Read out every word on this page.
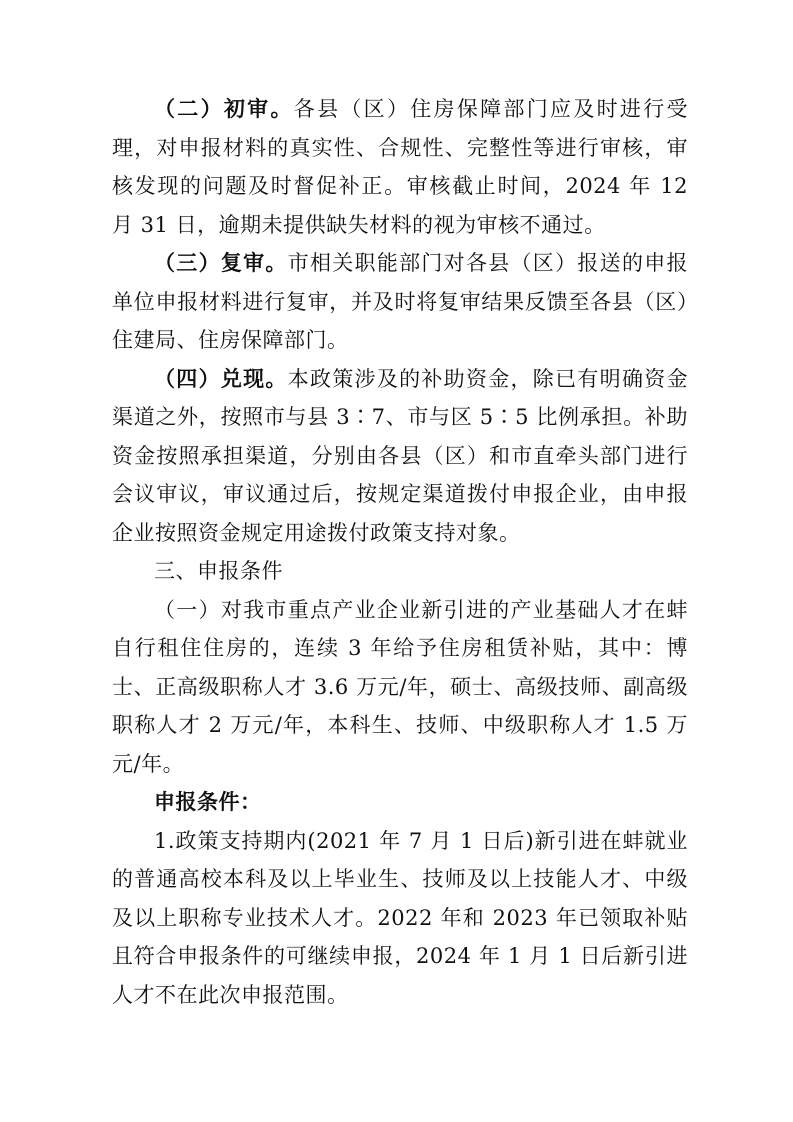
（二）初审。各县（区）住房保障部门应及时进行受理，对申报材料的真实性、合规性、完整性等进行审核，审核发现的问题及时督促补正。审核截止时间，2024 年 12 月 31 日，逾期未提供缺失材料的视为审核不通过。

（三）复审。市相关职能部门对各县（区）报送的申报单位申报材料进行复审，并及时将复审结果反馈至各县（区）住建局、住房保障部门。

（四）兑现。本政策涉及的补助资金，除已有明确资金渠道之外，按照市与县 3∶7、市与区 5∶5 比例承担。补助资金按照承担渠道，分别由各县（区）和市直牵头部门进行会议审议，审议通过后，按规定渠道拨付申报企业，由申报企业按照资金规定用途拨付政策支持对象。

三、申报条件

（一）对我市重点产业企业新引进的产业基础人才在蚌自行租住住房的，连续 3 年给予住房租赁补贴，其中：博士、正高级职称人才 3.6 万元/年，硕士、高级技师、副高级职称人才 2 万元/年，本科生、技师、中级职称人才 1.5 万元/年。

申报条件：

1.政策支持期内(2021 年 7 月 1 日后)新引进在蚌就业的普通高校本科及以上毕业生、技师及以上技能人才、中级及以上职称专业技术人才。2022 年和 2023 年已领取补贴且符合申报条件的可继续申报，2024 年 1 月 1 日后新引进人才不在此次申报范围。
